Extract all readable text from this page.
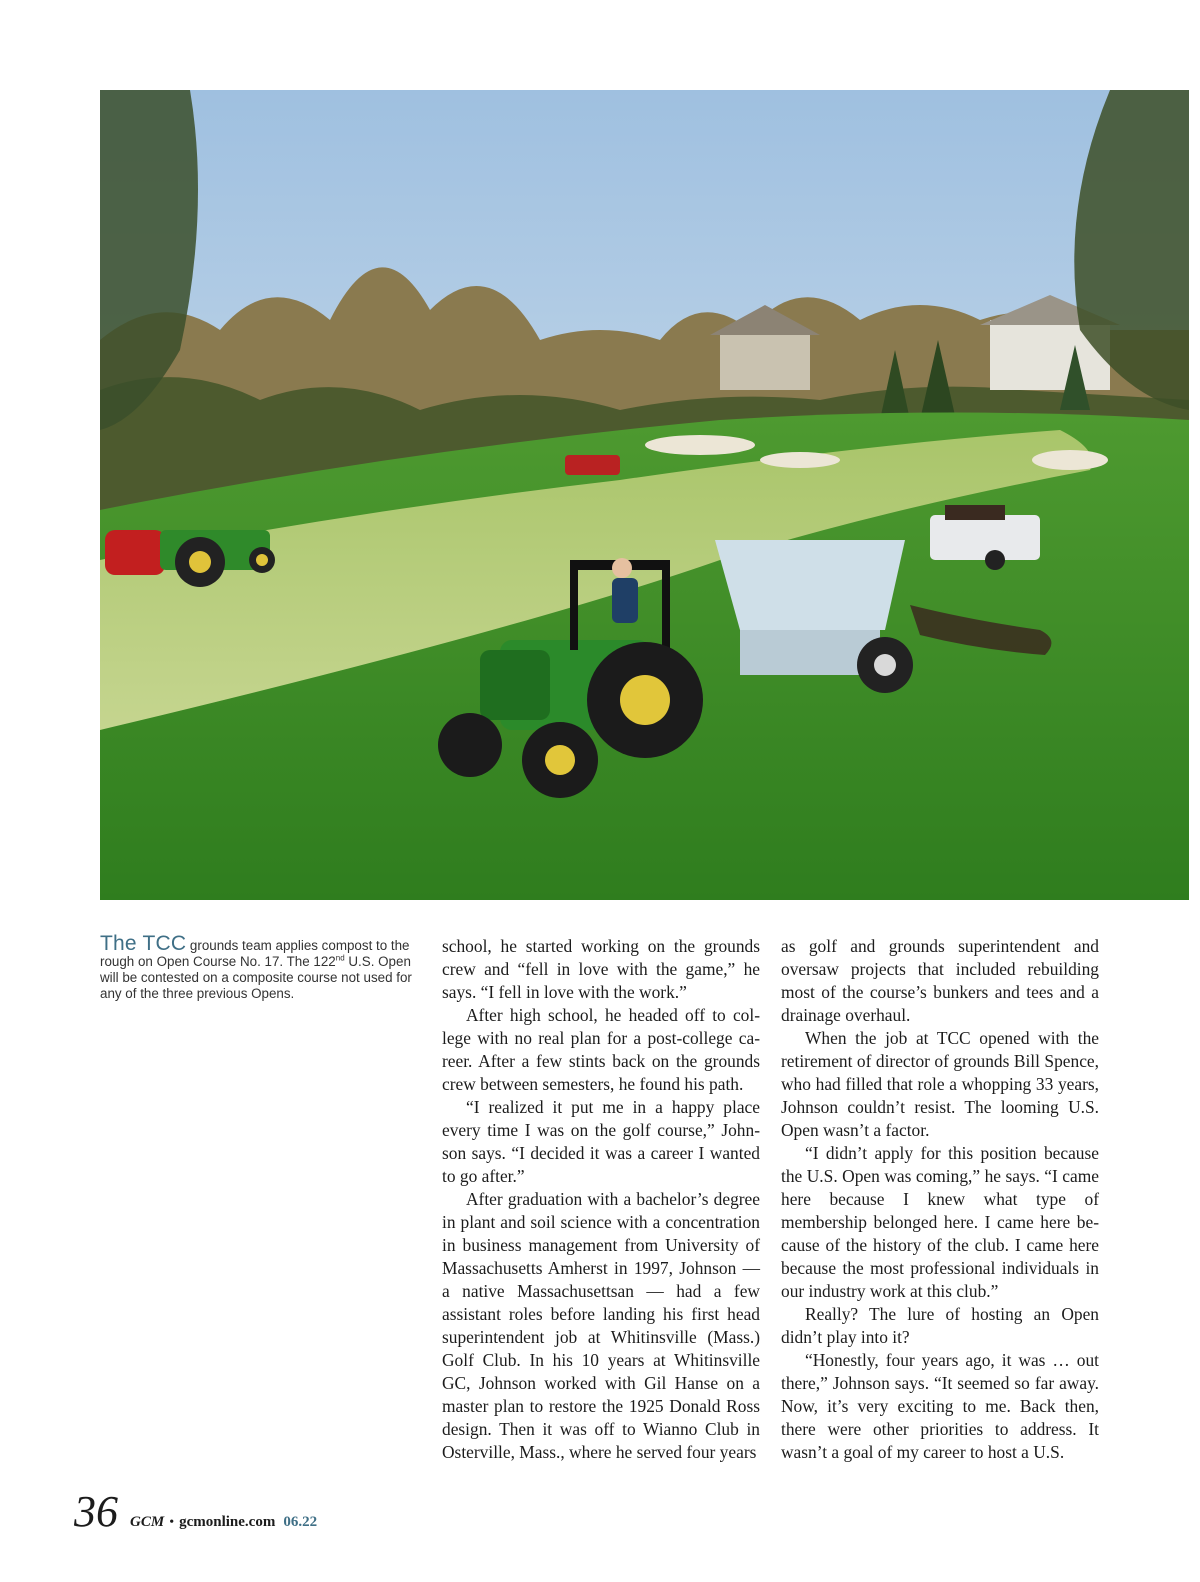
The TCC grounds team applies compost to the rough on Open Course No. 17. The 122nd U.S. Open will be contested on a composite course not used for any of the three previous Opens.

school, he started working on the grounds crew and “fell in love with the game,” he says. “I fell in love with the work.”

After high school, he headed off to college with no real plan for a post-college career. After a few stints back on the grounds crew between semesters, he found his path.

“I realized it put me in a happy place every time I was on the golf course,” Johnson says. “I decided it was a career I wanted to go after.”

After graduation with a bachelor’s degree in plant and soil science with a concentration in business management from University of Massachusetts Amherst in 1997, Johnson — a native Massachusettsan — had a few assistant roles before landing his first head superintendent job at Whitinsville (Mass.) Golf Club. In his 10 years at Whitinsville GC, Johnson worked with Gil Hanse on a master plan to restore the 1925 Donald Ross design. Then it was off to Wianno Club in Osterville, Mass., where he served four years

as golf and grounds superintendent and oversaw projects that included rebuilding most of the course’s bunkers and tees and a drainage overhaul.

When the job at TCC opened with the retirement of director of grounds Bill Spence, who had filled that role a whopping 33 years, Johnson couldn’t resist. The looming U.S. Open wasn’t a factor.

“I didn’t apply for this position because the U.S. Open was coming,” he says. “I came here because I knew what type of membership belonged here. I came here because of the history of the club. I came here because the most professional individuals in our industry work at this club.”

Really? The lure of hosting an Open didn’t play into it?

“Honestly, four years ago, it was … out there,” Johnson says. “It seemed so far away. Now, it’s very exciting to me. Back then, there were other priorities to address. It wasn’t a goal of my career to host a U.S.

36 GCM • gcmonline.com 06.22
